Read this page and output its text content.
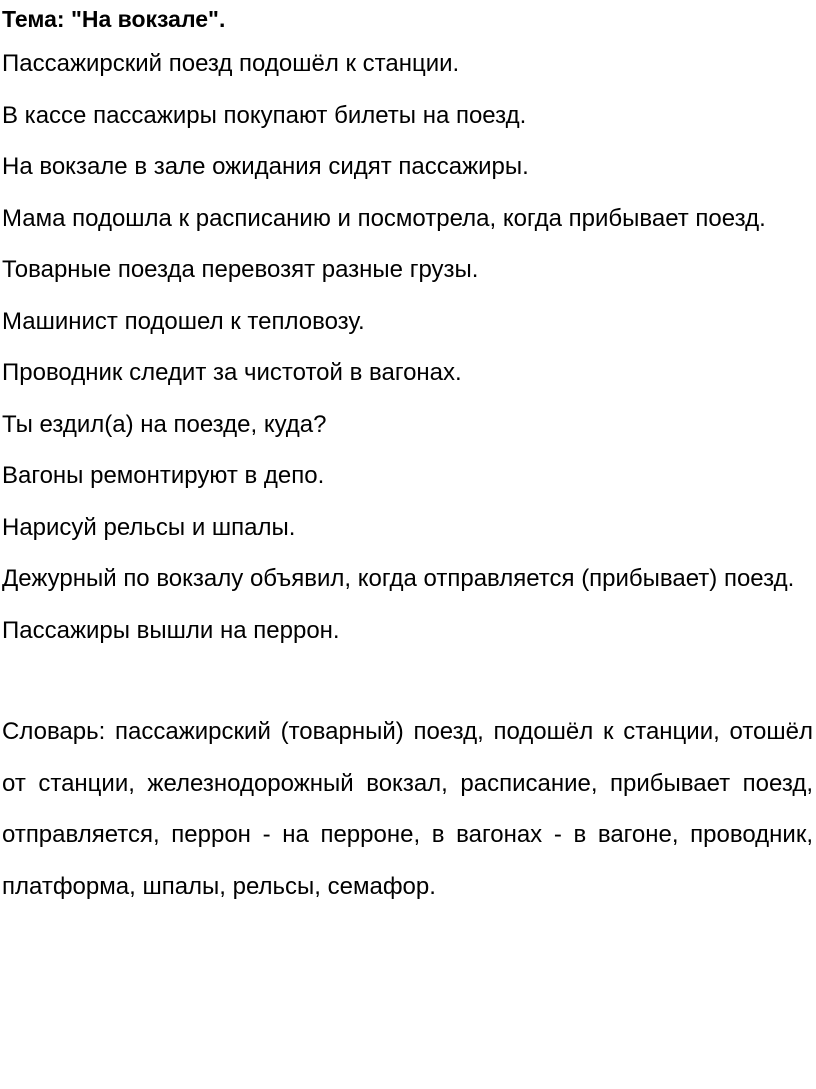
Тема: "На вокзале".
Пассажирский поезд подошёл к станции.
В кассе пассажиры покупают билеты на поезд.
На вокзале в зале ожидания сидят пассажиры.
Мама подошла к расписанию и посмотрела, когда прибывает поезд.
Товарные поезда перевозят разные грузы.
Машинист подошел к тепловозу.
Проводник следит за чистотой в вагонах.
Ты ездил(а) на поезде, куда?
Вагоны ремонтируют в депо.
Нарисуй рельсы и шпалы.
Дежурный по вокзалу объявил, когда отправляется (прибывает) поезд.
Пассажиры вышли на перрон.

Словарь: пассажирский (товарный) поезд, подошёл к станции, отошёл от станции, железнодорожный вокзал, расписание, прибывает поезд, отправляется, перрон - на перроне, в вагонах - в вагоне, проводник, платформа, шпалы, рельсы, семафор.
